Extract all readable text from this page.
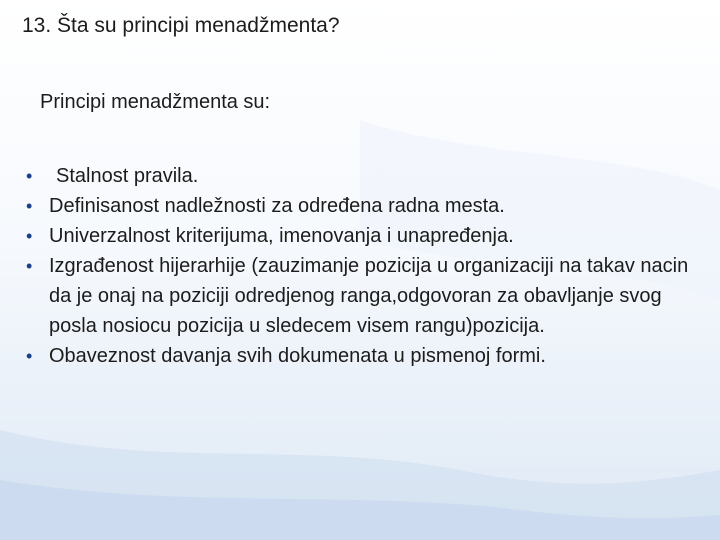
13. Šta su principi menadžmenta?

Principi menadžmenta su:

• Stalnost pravila.
• Definisanost nadležnosti za određena radna mesta.
• Univerzalnost kriterijuma, imenovanja i unapređenja.
• Izgrađenost hijerarhije (zauzimanje pozicija u organizaciji na takav nacin da je onaj na poziciji odredjenog ranga,odgovoran za obavljanje svog posla nosiocu pozicija u sledecem visem rangu)pozicija.
• Obaveznost davanja svih dokumenata u pismenoj formi.
